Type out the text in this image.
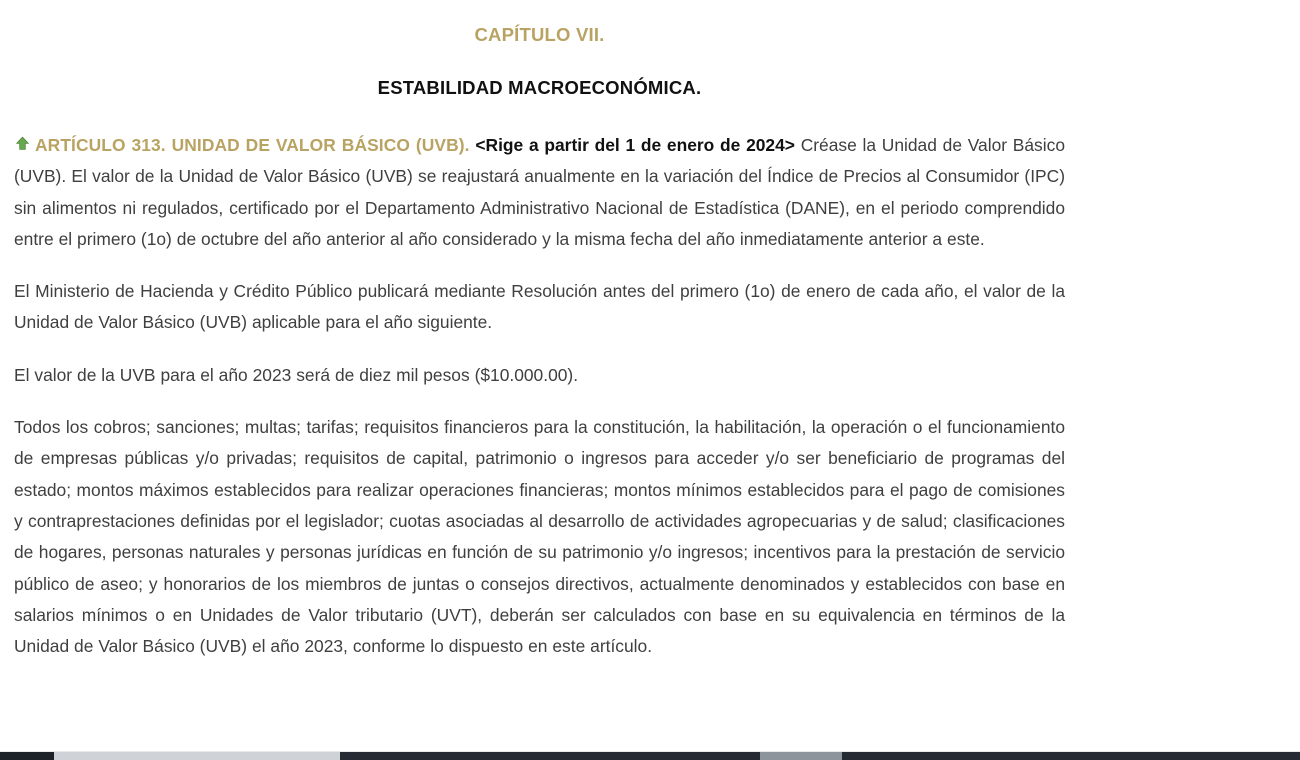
CAPÍTULO VII.
ESTABILIDAD MACROECONÓMICA.

ARTÍCULO 313. UNIDAD DE VALOR BÁSICO (UVB). <Rige a partir del 1 de enero de 2024> Créase la Unidad de Valor Básico (UVB). El valor de la Unidad de Valor Básico (UVB) se reajustará anualmente en la variación del Índice de Precios al Consumidor (IPC) sin alimentos ni regulados, certificado por el Departamento Administrativo Nacional de Estadística (DANE), en el periodo comprendido entre el primero (1o) de octubre del año anterior al año considerado y la misma fecha del año inmediatamente anterior a este.

El Ministerio de Hacienda y Crédito Público publicará mediante Resolución antes del primero (1o) de enero de cada año, el valor de la Unidad de Valor Básico (UVB) aplicable para el año siguiente.

El valor de la UVB para el año 2023 será de diez mil pesos ($10.000.00).

Todos los cobros; sanciones; multas; tarifas; requisitos financieros para la constitución, la habilitación, la operación o el funcionamiento de empresas públicas y/o privadas; requisitos de capital, patrimonio o ingresos para acceder y/o ser beneficiario de programas del estado; montos máximos establecidos para realizar operaciones financieras; montos mínimos establecidos para el pago de comisiones y contraprestaciones definidas por el legislador; cuotas asociadas al desarrollo de actividades agropecuarias y de salud; clasificaciones de hogares, personas naturales y personas jurídicas en función de su patrimonio y/o ingresos; incentivos para la prestación de servicio público de aseo; y honorarios de los miembros de juntas o consejos directivos, actualmente denominados y establecidos con base en salarios mínimos o en Unidades de Valor tributario (UVT), deberán ser calculados con base en su equivalencia en términos de la Unidad de Valor Básico (UVB) el año 2023, conforme lo dispuesto en este artículo.
